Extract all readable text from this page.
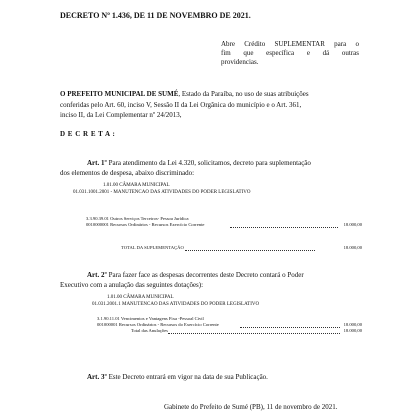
DECRETO Nº 1.436, DE 11 DE NOVEMBRO DE 2021.
Abre Crédito SUPLEMENTAR para o
fim que específica e dá outras
providencias.
O PREFEITO MUNICIPAL DE SUMÉ, Estado da Paraíba, no uso de suas atribuições
conferidas pelo Art. 60, inciso V, Sessão II da Lei Orgânica do município e o Art. 361,
inciso II, da Lei Complementar nº 24/2013,
D E C R E T A :
Art. 1º Para atendimento da Lei 4.320, solicitamos, decreto para suplementação
dos elementos de despesa, abaixo discriminado:
1.01.00 CÂMARA MUNICIPAL
01.031.1001.2001 - MANUTENCAO DAS ATIVIDADES DO PODER LEGISLATIVO
3.3.90.39.01 Outros Serviços Terceiros- Pessoa Jurídica
0010000001 Recursos Ordinários - Recursos Exercício Corrente	18.000,00
TOTAL DA SUPLEMENTAÇÃO	18.000,00
Art. 2º Para fazer face as despesas decorrentes deste Decreto contará o Poder
Executivo com a anulação das seguintes dotações):
1.01.00 CÂMARA MUNICIPAL
01.031.2001.1 MANUTENCAO DAS ATIVIDADES DO PODER LEGISLATIVO
3.1.90.11.01 Vencimentos e Vantagens Fixa -Pessoal Civil
001000001 Recursos Ordinários - Recursos do Exercício Corrente	18.000,00
Total das Anulações	18.000,00
Art. 3º Este Decreto entrará em vigor na data de sua Publicação.
Gabinete do Prefeito de Sumé (PB), 11 de novembro de 2021.
